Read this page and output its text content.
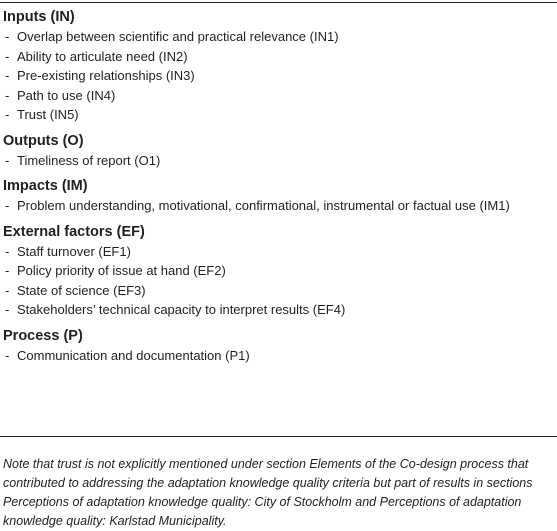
Inputs (IN)
- Overlap between scientific and practical relevance (IN1)
- Ability to articulate need (IN2)
- Pre-existing relationships (IN3)
- Path to use (IN4)
- Trust (IN5)
Outputs (O)
- Timeliness of report (O1)
Impacts (IM)
- Problem understanding, motivational, confirmational, instrumental or factual use (IM1)
External factors (EF)
- Staff turnover (EF1)
- Policy priority of issue at hand (EF2)
- State of science (EF3)
- Stakeholders’ technical capacity to interpret results (EF4)
Process (P)
- Communication and documentation (P1)

Note that trust is not explicitly mentioned under section Elements of the Co-design process that contributed to addressing the adaptation knowledge quality criteria but part of results in sections Perceptions of adaptation knowledge quality: City of Stockholm and Perceptions of adaptation knowledge quality: Karlstad Municipality.
